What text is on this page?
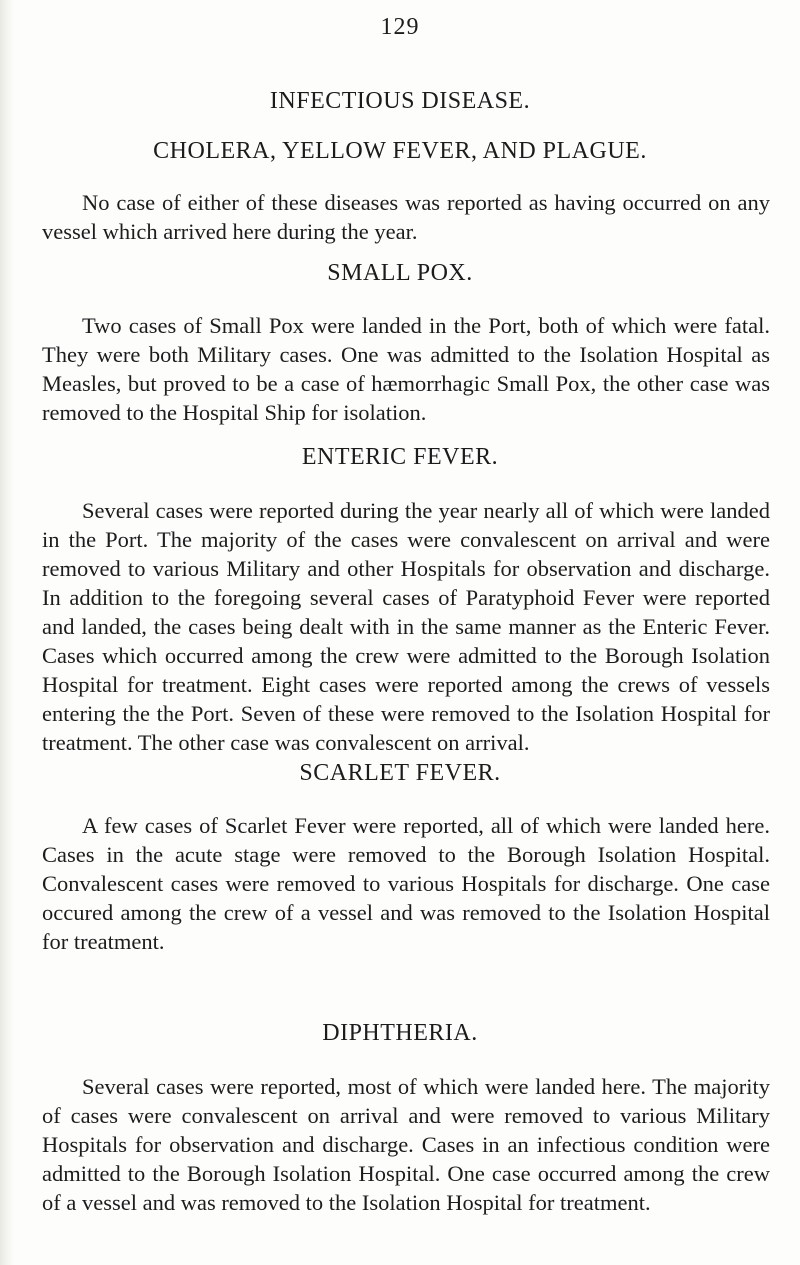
129
INFECTIOUS DISEASE.
CHOLERA, YELLOW FEVER, AND PLAGUE.

No case of either of these diseases was reported as having occurred on any vessel which arrived here during the year.

SMALL POX.

Two cases of Small Pox were landed in the Port, both of which were fatal. They were both Military cases. One was admitted to the Isolation Hospital as Measles, but proved to be a case of hæmorrhagic Small Pox, the other case was removed to the Hospital Ship for isolation.

ENTERIC FEVER.

Several cases were reported during the year nearly all of which were landed in the Port. The majority of the cases were convalescent on arrival and were removed to various Military and other Hospitals for observation and discharge. In addition to the foregoing several cases of Paratyphoid Fever were reported and landed, the cases being dealt with in the same manner as the Enteric Fever. Cases which occurred among the crew were admitted to the Borough Isolation Hospital for treatment. Eight cases were reported among the crews of vessels entering the the Port. Seven of these were removed to the Isolation Hospital for treatment. The other case was convalescent on arrival.

SCARLET FEVER.

A few cases of Scarlet Fever were reported, all of which were landed here. Cases in the acute stage were removed to the Borough Isolation Hospital. Convalescent cases were removed to various Hospitals for discharge. One case occured among the crew of a vessel and was removed to the Isolation Hospital for treatment.

DIPHTHERIA.

Several cases were reported, most of which were landed here. The majority of cases were convalescent on arrival and were removed to various Military Hospitals for observation and discharge. Cases in an infectious condition were admitted to the Borough Isolation Hospital. One case occurred among the crew of a vessel and was removed to the Isolation Hospital for treatment.
